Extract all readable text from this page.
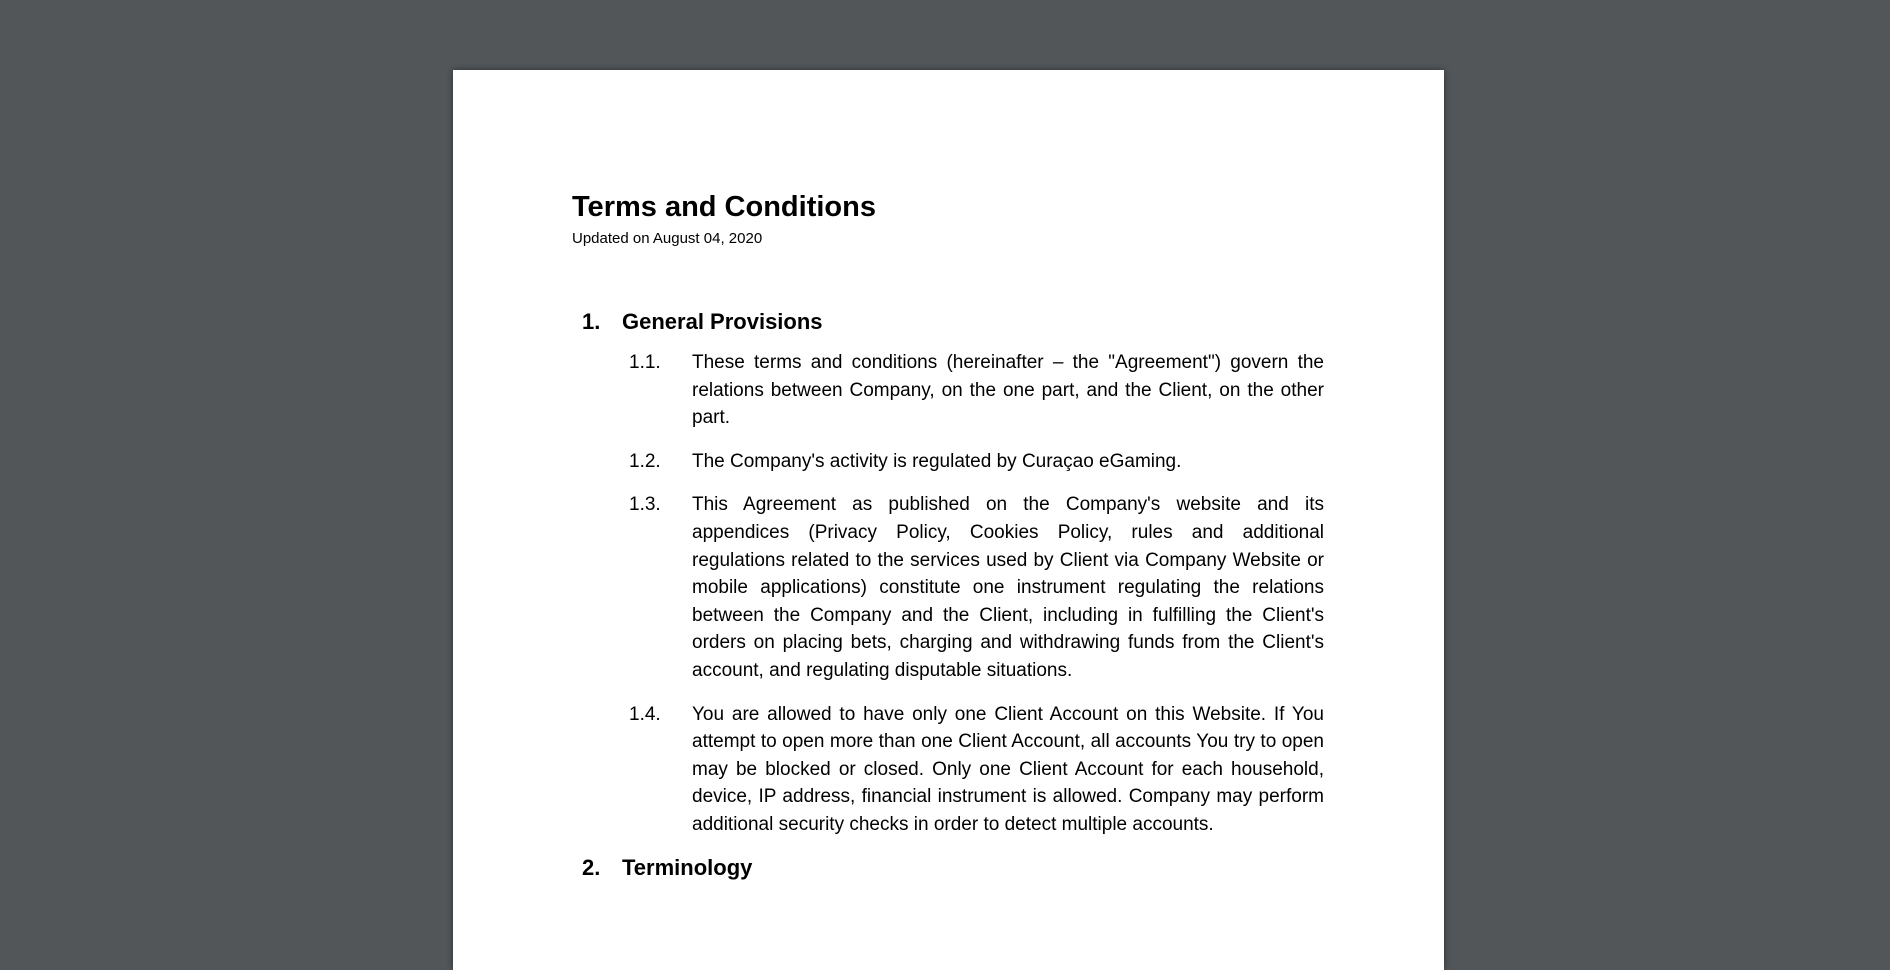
Terms and Conditions

Updated on August 04, 2020

1. General Provisions
1.1.	These terms and conditions (hereinafter – the "Agreement") govern the relations between Company, on the one part, and the Client, on the other part.

1.2.	The Company's activity is regulated by Curaçao eGaming.

1.3.	This Agreement as published on the Company's website and its appendices (Privacy Policy, Cookies Policy, rules and additional regulations related to the services used by Client via Company Website or mobile applications) constitute one instrument regulating the relations between the Company and the Client, including in fulfilling the Client's orders on placing bets, charging and withdrawing funds from the Client's account, and regulating disputable situations.

1.4.	You are allowed to have only one Client Account on this Website. If You attempt to open more than one Client Account, all accounts You try to open may be blocked or closed. Only one Client Account for each household, device, IP address, financial instrument is allowed. Company may perform additional security checks in order to detect multiple accounts.

2. Terminology
